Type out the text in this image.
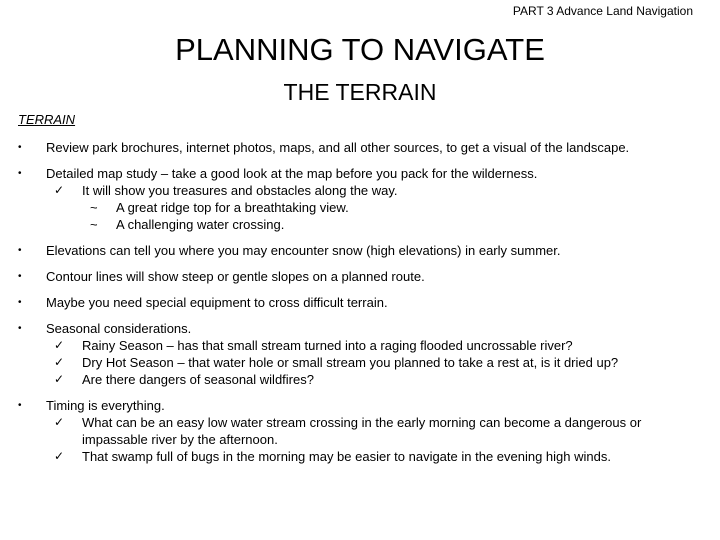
PART 3 Advance Land Navigation
PLANNING TO NAVIGATE
THE TERRAIN
TERRAIN
•	Review park brochures, internet photos, maps, and all other sources, to get a visual of the landscape.
•	Detailed map study – take a good look at the map before you pack for the wilderness.
✓	It will show you treasures and obstacles along the way.
~	A great ridge top for a breathtaking view.
~	A challenging water crossing.
•	Elevations can tell you where you may encounter snow (high elevations) in early summer.
•	Contour lines will show steep or gentle slopes on a planned route.
•	Maybe you need special equipment to cross difficult terrain.
•	Seasonal considerations.
✓	Rainy Season – has that small stream turned into a raging flooded uncrossable river?
✓	Dry Hot Season – that water hole or small stream you planned to take a rest at, is it dried up?
✓	Are there dangers of seasonal wildfires?
•	Timing is everything.
✓	What can be an easy low water stream crossing in the early morning can become a dangerous or impassable river by the afternoon.
✓	That swamp full of bugs in the morning may be easier to navigate in the evening high winds.
